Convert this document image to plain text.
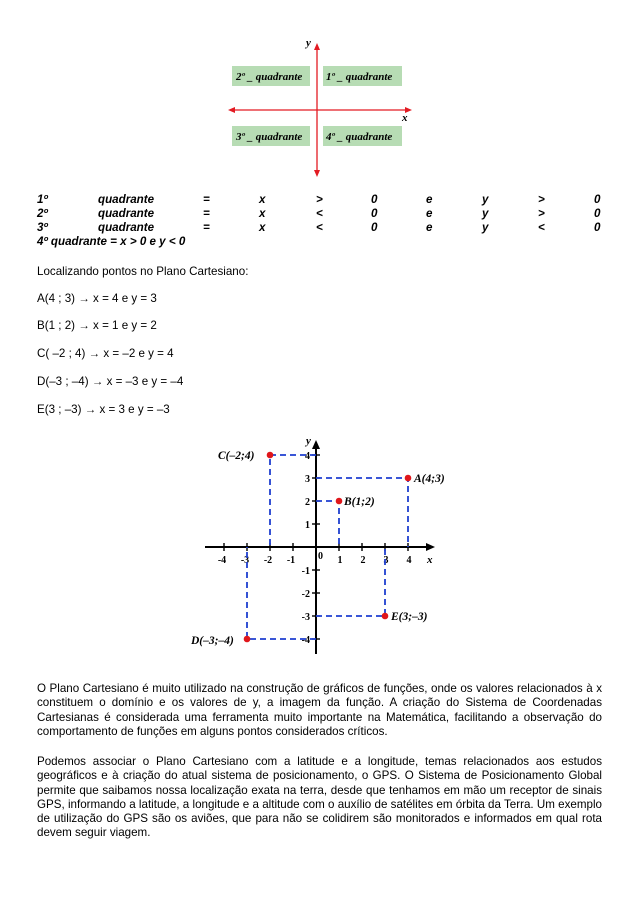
y
x
2º _ quadrante 1º _ quadrante
3º _ quadrante 4º _ quadrante
1º	quadrante	=	x	>	0	e	y	>	0
2º	quadrante	=	x	<	0	e	y	>	0
3º	quadrante	=	x	<	0	e	y	<	0
4º quadrante = x > 0 e y < 0
Localizando pontos no Plano Cartesiano:
A(4 ; 3) → x = 4 e y = 3
B(1 ; 2) → x = 1 e y = 2
C( –2 ; 4) → x = –2 e y = 4
D(–3 ; –4) → x = –3 e y = –4
E(3 ; –3) → x = 3 e y = –3
x
y
0
-4 -3 -2 -1	1 2 3 4
4
3
2
1
-1
-2
-3
-4
A(4;3)
B(1;2)
C(–2;4)
D(–3;–4)
E(3;–3)
O Plano Cartesiano é muito utilizado na construção de gráficos de funções, onde os valores relacionados à x constituem o domínio e os valores de y, a imagem da função. A criação do Sistema de Coordenadas Cartesianas é considerada uma ferramenta muito importante na Matemática, facilitando a observação do comportamento de funções em alguns pontos considerados críticos.
Podemos associar o Plano Cartesiano com a latitude e a longitude, temas relacionados aos estudos geográficos e à criação do atual sistema de posicionamento, o GPS. O Sistema de Posicionamento Global permite que saibamos nossa localização exata na terra, desde que tenhamos em mão um receptor de sinais GPS, informando a latitude, a longitude e a altitude com o auxílio de satélites em órbita da Terra. Um exemplo de utilização do GPS são os aviões, que para não se colidirem são monitorados e informados em qual rota devem seguir viagem.
